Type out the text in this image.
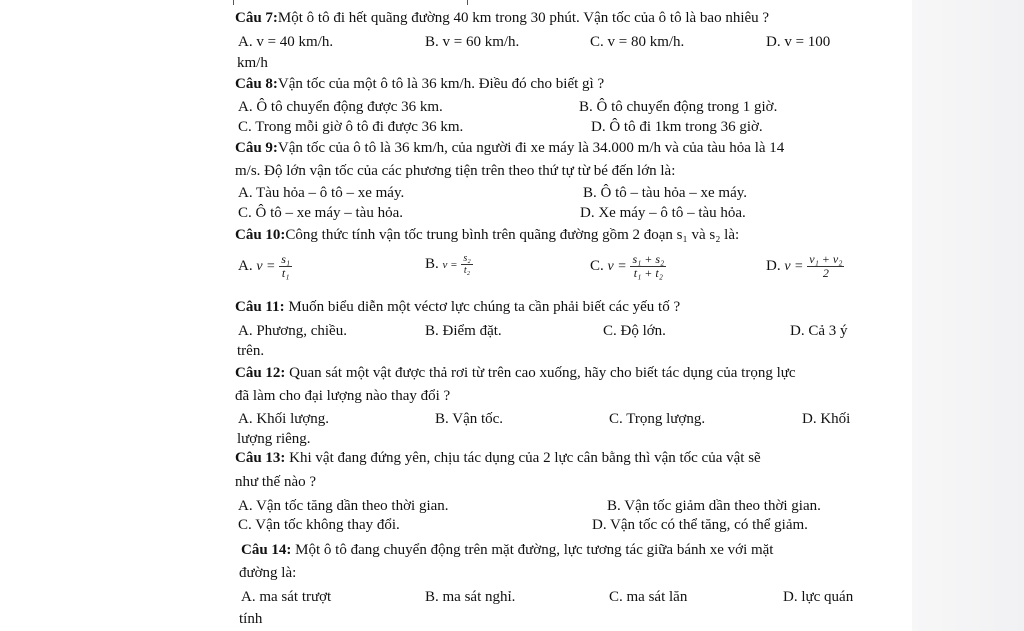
Câu 7:Một ô tô đi hết quãng đường 40 km trong 30 phút. Vận tốc của ô tô là bao nhiêu ?
A. v = 40 km/h.	B. v = 60 km/h.	C. v = 80 km/h.	D. v = 100
km/h
Câu 8:Vận tốc của một ô tô là 36 km/h. Điều đó cho biết gì ?
A. Ô tô chuyển động được 36 km.	B. Ô tô chuyển động trong 1 giờ.
C. Trong mỗi giờ ô tô đi được 36 km.	D. Ô tô đi 1km trong 36 giờ.
Câu 9:Vận tốc của ô tô là 36 km/h, của người đi xe máy là 34.000 m/h và của tàu hỏa là 14
m/s. Độ lớn vận tốc của các phương tiện trên theo thứ tự từ bé đến lớn là:
A. Tàu hỏa – ô tô – xe máy.	B. Ô tô – tàu hỏa – xe máy.
C. Ô tô – xe máy – tàu hỏa.	D. Xe máy – ô tô – tàu hỏa.
Câu 10:Công thức tính vận tốc trung bình trên quãng đường gồm 2 đoạn s₁ và s₂ là:
A. $v = \frac{\text{s₁}}{\text{t₁}}$	B. $v = \frac{\text{s₂}}{\text{t₂}}$	C. $v = \frac{\text{s₁ + s₂}}{\text{t₁ + t₂}}$	D. $v = \frac{\text{v₁ + v₂}}{2}$
Câu 11: Muốn biểu diễn một véctơ lực chúng ta cần phải biết các yếu tố ?
A. Phương, chiều.	B. Điểm đặt.	C. Độ lớn.	D. Cả 3 ý
trên.
Câu 12: Quan sát một vật được thả rơi từ trên cao xuống, hãy cho biết tác dụng của trọng lực
đã làm cho đại lượng nào thay đổi ?
A. Khối lượng.	B. Vận tốc.	C. Trọng lượng.	D. Khối
lượng riêng.
Câu 13: Khi vật đang đứng yên, chịu tác dụng của 2 lực cân bằng thì vận tốc của vật sẽ
như thế nào ?
A. Vận tốc tăng dần theo thời gian.	B. Vận tốc giảm dần theo thời gian.
C. Vận tốc không thay đổi.	D. Vận tốc có thể tăng, có thể giảm.
Câu 14: Một ô tô đang chuyển động trên mặt đường, lực tương tác giữa bánh xe với mặt
đường là:
A. ma sát trượt	B. ma sát nghỉ.	C. ma sát lăn	D. lực quán
tính
